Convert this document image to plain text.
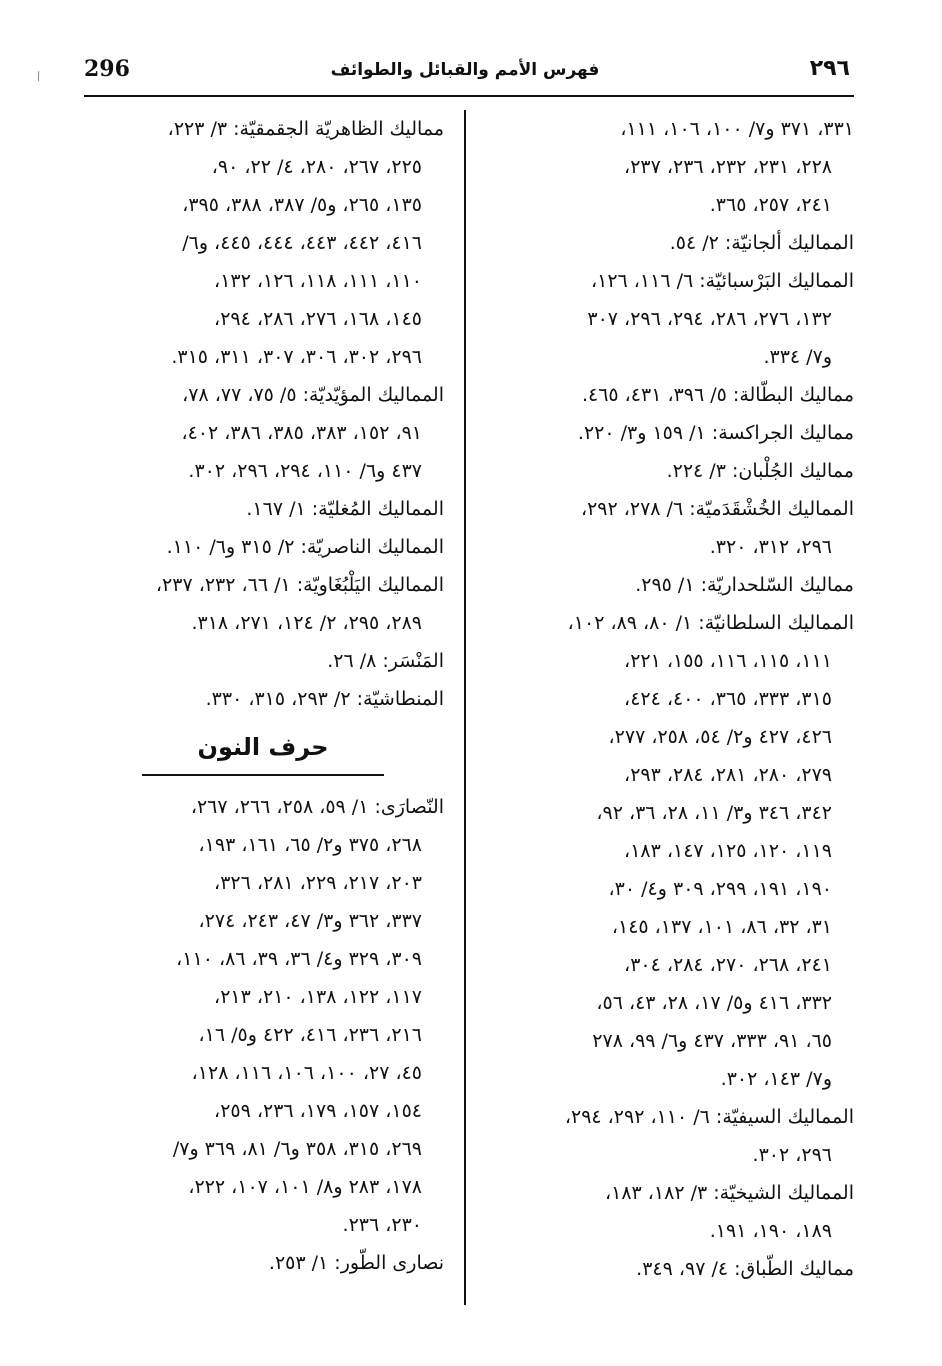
⁄ 296	فهرس الأمم والقبائل والطوائف	٢٩٦
٣٣١، ٣٧١ و٧/ ١٠٠، ١٠٦، ١١١،
٢٢٨، ٢٣١، ٢٣٢، ٢٣٦، ٢٣٧،
٢٤١، ٢٥٧، ٣٦٥.
المماليك ألجانيّة: ٢/ ٥٤.
المماليك البَرْسبائيّة: ٦/ ١١٦، ١٢٦،
١٣٢، ٢٧٦، ٢٨٦، ٢٩٤، ٢٩٦، ٣٠٧
و٧/ ٣٣٤.
مماليك البطّالة: ٥/ ٣٩٦، ٤٣١، ٤٦٥.
مماليك الجراكسة: ١/ ١٥٩ و٣/ ٢٢٠.
مماليك الجُلْبان: ٣/ ٢٢٤.
المماليك الخُشْقَدَميّة: ٦/ ٢٧٨، ٢٩٢،
٢٩٦، ٣١٢، ٣٢٠.
مماليك السّلحداريّة: ١/ ٢٩٥.
المماليك السلطانيّة: ١/ ٨٠، ٨٩، ١٠٢،
١١١، ١١٥، ١١٦، ١٥٥، ٢٢١،
٣١٥، ٣٣٣، ٣٦٥، ٤٠٠، ٤٢٤،
٤٢٦، ٤٢٧ و٢/ ٥٤، ٢٥٨، ٢٧٧،
٢٧٩، ٢٨٠، ٢٨١، ٢٨٤، ٢٩٣،
٣٤٢، ٣٤٦ و٣/ ١١، ٢٨، ٣٦، ٩٢،
١١٩، ١٢٠، ١٢٥، ١٤٧، ١٨٣،
١٩٠، ١٩١، ٢٩٩، ٣٠٩ و٤/ ٣٠،
٣١، ٣٢، ٨٦، ١٠١، ١٣٧، ١٤٥،
٢٤١، ٢٦٨، ٢٧٠، ٢٨٤، ٣٠٤،
٣٣٢، ٤١٦ و٥/ ١٧، ٢٨، ٤٣، ٥٦،
٦٥، ٩١، ٣٣٣، ٤٣٧ و٦/ ٩٩، ٢٧٨
و٧/ ١٤٣، ٣٠٢.
المماليك السيفيّة: ٦/ ١١٠، ٢٩٢، ٢٩٤،
٢٩٦، ٣٠٢.
المماليك الشيخيّة: ٣/ ١٨٢، ١٨٣،
١٨٩، ١٩٠، ١٩١.
مماليك الطّباق: ٤/ ٩٧، ٣٤٩.
مماليك الظاهريّة الجقمقيّة: ٣/ ٢٢٣،
٢٢٥، ٢٦٧، ٢٨٠، ٤/ ٢٢، ٩٠،
١٣٥، ٢٦٥، و٥/ ٣٨٧، ٣٨٨، ٣٩٥،
٤١٦، ٤٤٢، ٤٤٣، ٤٤٤، ٤٤٥، و٦/
١١٠، ١١١، ١١٨، ١٢٦، ١٣٢،
١٤٥، ١٦٨، ٢٧٦، ٢٨٦، ٢٩٤،
٢٩٦، ٣٠٢، ٣٠٦، ٣٠٧، ٣١١، ٣١٥.
المماليك المؤيّديّة: ٥/ ٧٥، ٧٧، ٧٨،
٩١، ١٥٢، ٣٨٣، ٣٨٥، ٣٨٦، ٤٠٢،
٤٣٧ و٦/ ١١٠، ٢٩٤، ٢٩٦، ٣٠٢.
المماليك المُغليّة: ١/ ١٦٧.
المماليك الناصريّة: ٢/ ٣١٥ و٦/ ١١٠.
المماليك اليَلْبُغَاويّة: ١/ ٦٦، ٢٣٢، ٢٣٧،
٢٨٩، ٢٩٥، ٢/ ١٢٤، ٢٧١، ٣١٨.
المَنْسَر: ٨/ ٢٦.
المنطاشيّة: ٢/ ٢٩٣، ٣١٥، ٣٣٠.
حرف النون
النّصارَى: ١/ ٥٩، ٢٥٨، ٢٦٦، ٢٦٧،
٢٦٨، ٣٧٥ و٢/ ٦٥، ١٦١، ١٩٣،
٢٠٣، ٢١٧، ٢٢٩، ٢٨١، ٣٢٦،
٣٣٧، ٣٦٢ و٣/ ٤٧، ٢٤٣، ٢٧٤،
٣٠٩، ٣٢٩ و٤/ ٣٦، ٣٩، ٨٦، ١١٠،
١١٧، ١٢٢، ١٣٨، ٢١٠، ٢١٣،
٢١٦، ٢٣٦، ٤١٦، ٤٢٢ و٥/ ١٦،
٤٥، ٢٧، ١٠٠، ١٠٦، ١١٦، ١٢٨،
١٥٤، ١٥٧، ١٧٩، ٢٣٦، ٢٥٩،
٢٦٩، ٣١٥، ٣٥٨ و٦/ ٨١، ٣٦٩ و٧/
١٧٨، ٢٨٣ و٨/ ١٠١، ١٠٧، ٢٢٢،
٢٣٠، ٢٣٦.
نصارى الطّور: ١/ ٢٥٣.
